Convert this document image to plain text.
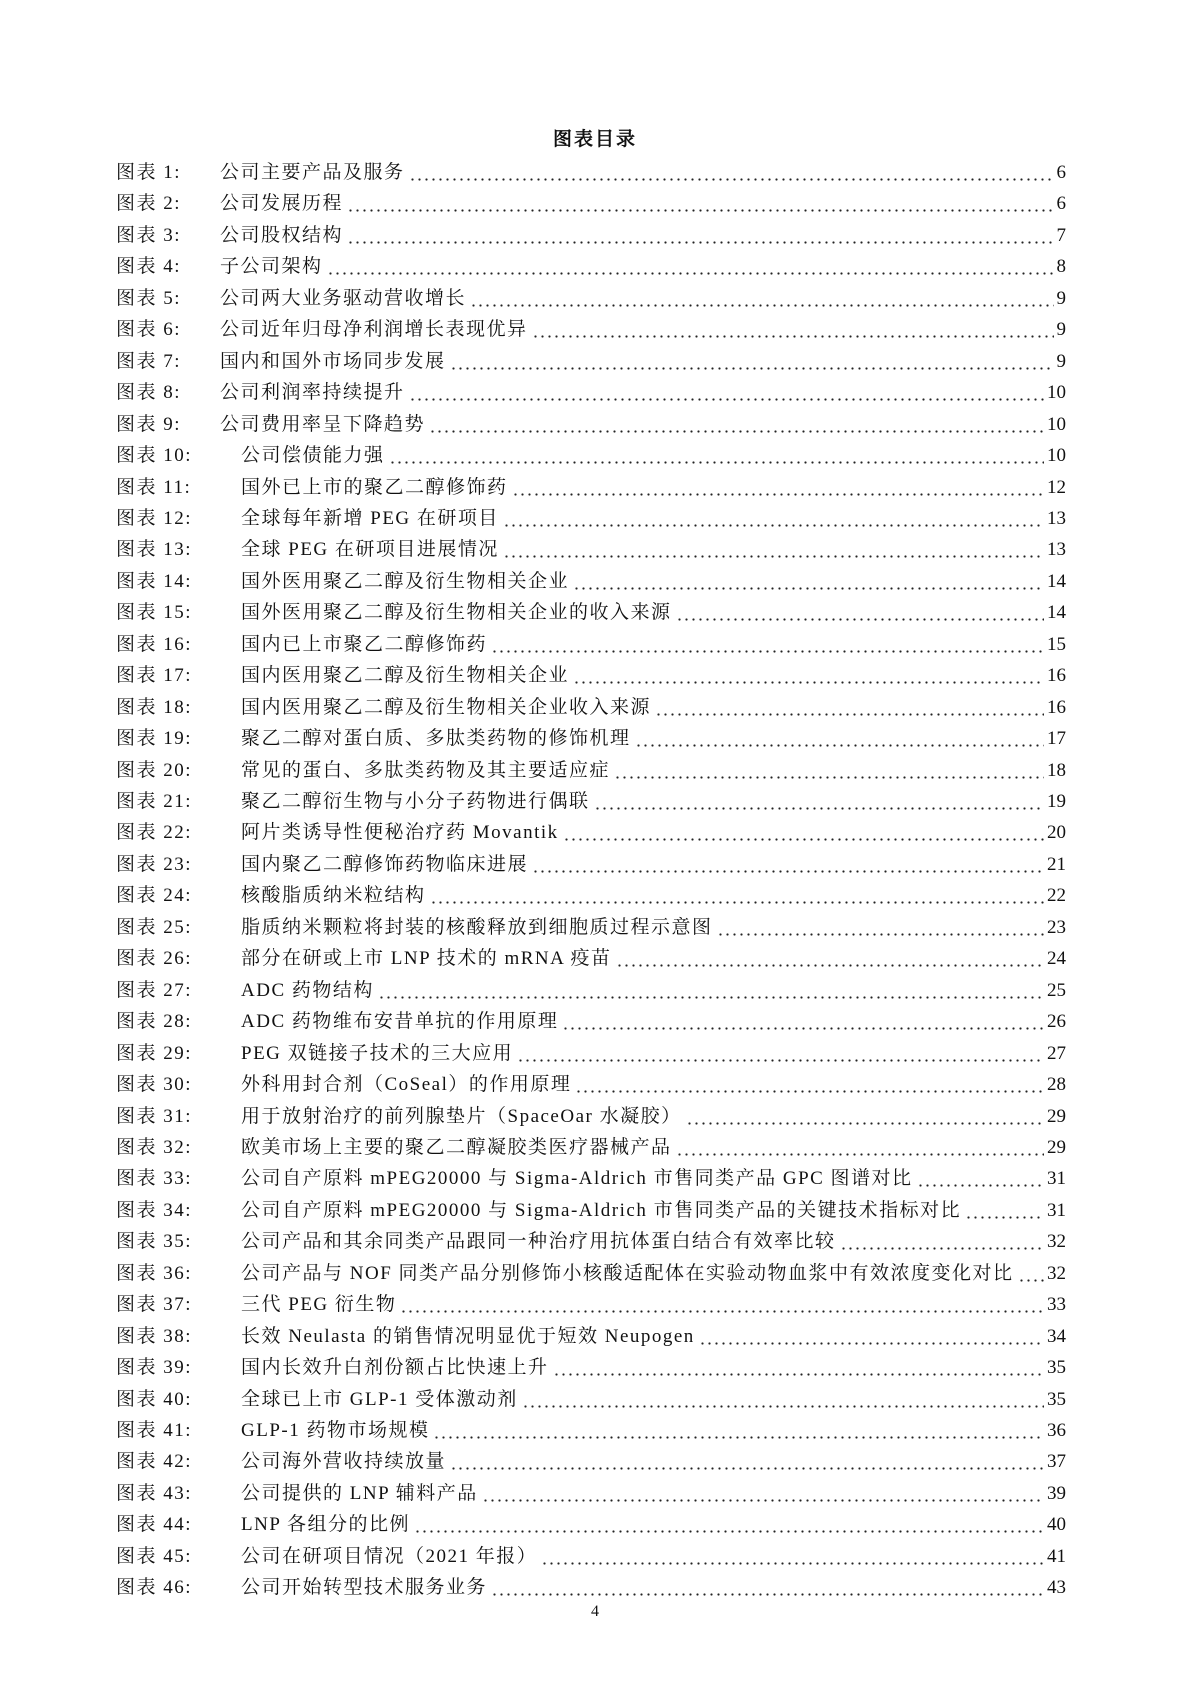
图表目录
图表 1: 公司主要产品及服务	6
图表 2: 公司发展历程	6
图表 3: 公司股权结构	7
图表 4: 子公司架构	8
图表 5: 公司两大业务驱动营收增长	9
图表 6: 公司近年归母净利润增长表现优异	9
图表 7: 国内和国外市场同步发展	9
图表 8: 公司利润率持续提升	10
图表 9: 公司费用率呈下降趋势	10
图表 10:	公司偿债能力强	10
图表 11:	国外已上市的聚乙二醇修饰药	12
图表 12:	全球每年新增 PEG 在研项目	13
图表 13:	全球 PEG 在研项目进展情况	13
图表 14:	国外医用聚乙二醇及衍生物相关企业	14
图表 15:	国外医用聚乙二醇及衍生物相关企业的收入来源	14
图表 16:	国内已上市聚乙二醇修饰药	15
图表 17:	国内医用聚乙二醇及衍生物相关企业	16
图表 18:	国内医用聚乙二醇及衍生物相关企业收入来源	16
图表 19:	聚乙二醇对蛋白质、多肽类药物的修饰机理	17
图表 20:	常见的蛋白、多肽类药物及其主要适应症	18
图表 21:	聚乙二醇衍生物与小分子药物进行偶联	19
图表 22:	阿片类诱导性便秘治疗药 Movantik	20
图表 23:	国内聚乙二醇修饰药物临床进展	21
图表 24:	核酸脂质纳米粒结构	22
图表 25:	脂质纳米颗粒将封装的核酸释放到细胞质过程示意图	23
图表 26:	部分在研或上市 LNP 技术的 mRNA 疫苗	24
图表 27:	ADC 药物结构	25
图表 28:	ADC 药物维布安昔单抗的作用原理	26
图表 29:	PEG 双链接子技术的三大应用	27
图表 30:	外科用封合剂（CoSeal）的作用原理	28
图表 31:	用于放射治疗的前列腺垫片（SpaceOar 水凝胶）	29
图表 32:	欧美市场上主要的聚乙二醇凝胶类医疗器械产品	29
图表 33:	公司自产原料 mPEG20000 与 Sigma-Aldrich 市售同类产品 GPC 图谱对比	31
图表 34:	公司自产原料 mPEG20000 与 Sigma-Aldrich 市售同类产品的关键技术指标对比	31
图表 35:	公司产品和其余同类产品跟同一种治疗用抗体蛋白结合有效率比较	32
图表 36:	公司产品与 NOF 同类产品分别修饰小核酸适配体在实验动物血浆中有效浓度变化对比 32
图表 37:	三代 PEG 衍生物	33
图表 38:	长效 Neulasta 的销售情况明显优于短效 Neupogen	34
图表 39:	国内长效升白剂份额占比快速上升	35
图表 40:	全球已上市 GLP-1 受体激动剂	35
图表 41:	GLP-1 药物市场规模	36
图表 42:	公司海外营收持续放量	37
图表 43:	公司提供的 LNP 辅料产品	39
图表 44:	LNP 各组分的比例	40
图表 45:	公司在研项目情况（2021 年报）	41
图表 46:	公司开始转型技术服务业务	43
4
